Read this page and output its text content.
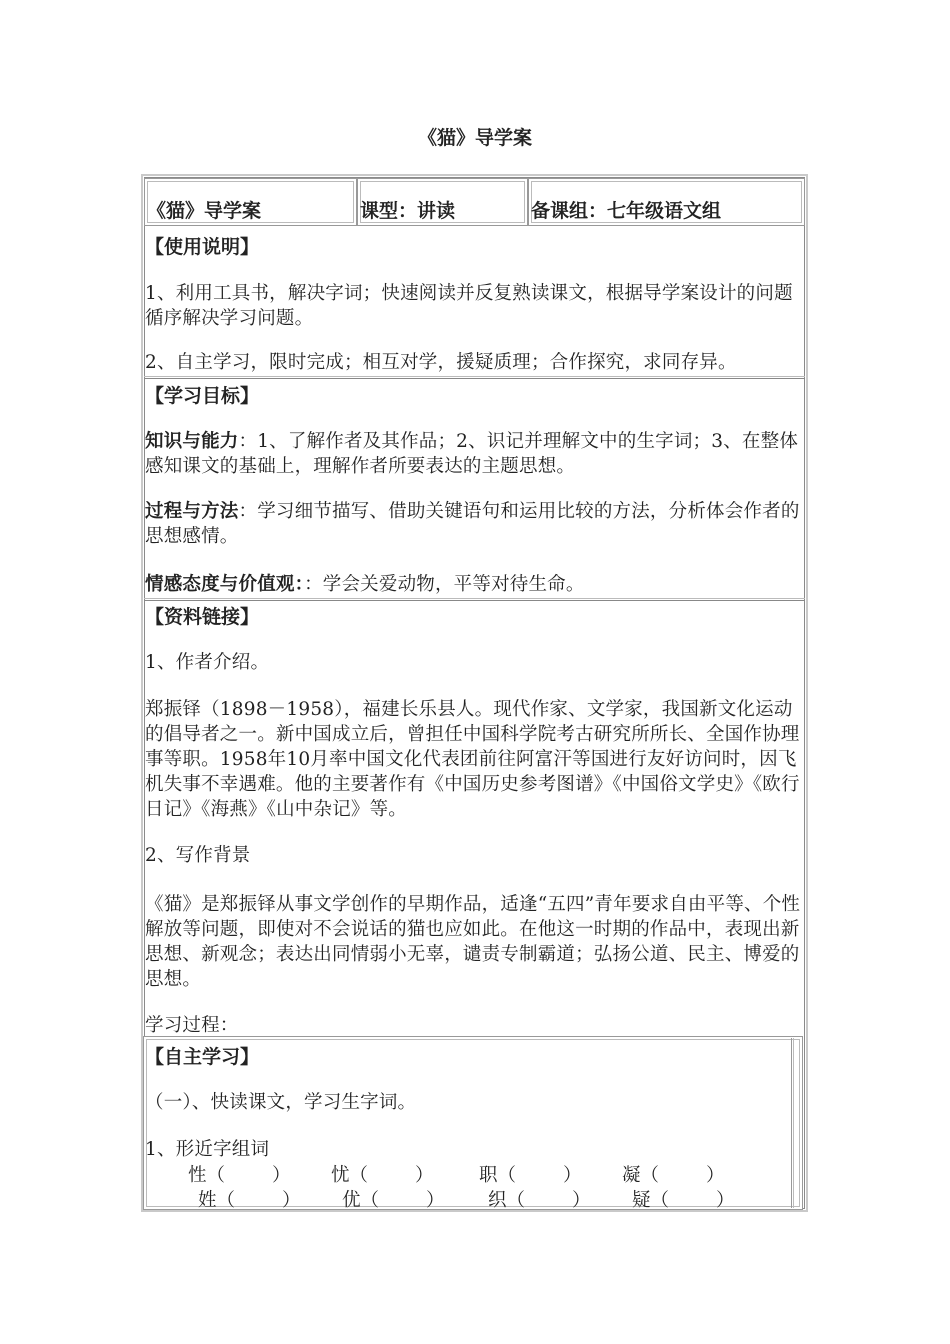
《猫》导学案
《猫》导学案	课型：讲读	备课组：七年级语文组
【使用说明】
1、利用工具书，解决字词；快速阅读并反复熟读课文，根据导学案设计的问题循序解决学习问题。
2、自主学习，限时完成；相互对学，援疑质理；合作探究，求同存异。
【学习目标】
知识与能力：1、了解作者及其作品；2、识记并理解文中的生字词；3、在整体感知课文的基础上，理解作者所要表达的主题思想。
过程与方法：学习细节描写、借助关键语句和运用比较的方法，分析体会作者的思想感情。
情感态度与价值观：：学会关爱动物，平等对待生命。
【资料链接】
1、作者介绍。
郑振铎（1898－1958），福建长乐县人。现代作家、文学家，我国新文化运动的倡导者之一。新中国成立后，曾担任中国科学院考古研究所所长、全国作协理事等职。1958年10月率中国文化代表团前往阿富汗等国进行友好访问时，因飞机失事不幸遇难。他的主要著作有《中国历史参考图谱》《中国俗文学史》《欧行日记》《海燕》《山中杂记》等。
2、写作背景
《猫》是郑振铎从事文学创作的早期作品，适逢“五四”青年要求自由平等、个性解放等问题，即使对不会说话的猫也应如此。在他这一时期的作品中，表现出新思想、新观念；表达出同情弱小无辜，谴责专制霸道；弘扬公道、民主、博爱的思想。
学习过程：
【自主学习】
（一）、快读课文，学习生字词。
1、形近字组词
性（        ） 忧（        ） 职（        ） 凝（        ）
姓（        ） 优（        ） 织（        ） 疑（        ）
